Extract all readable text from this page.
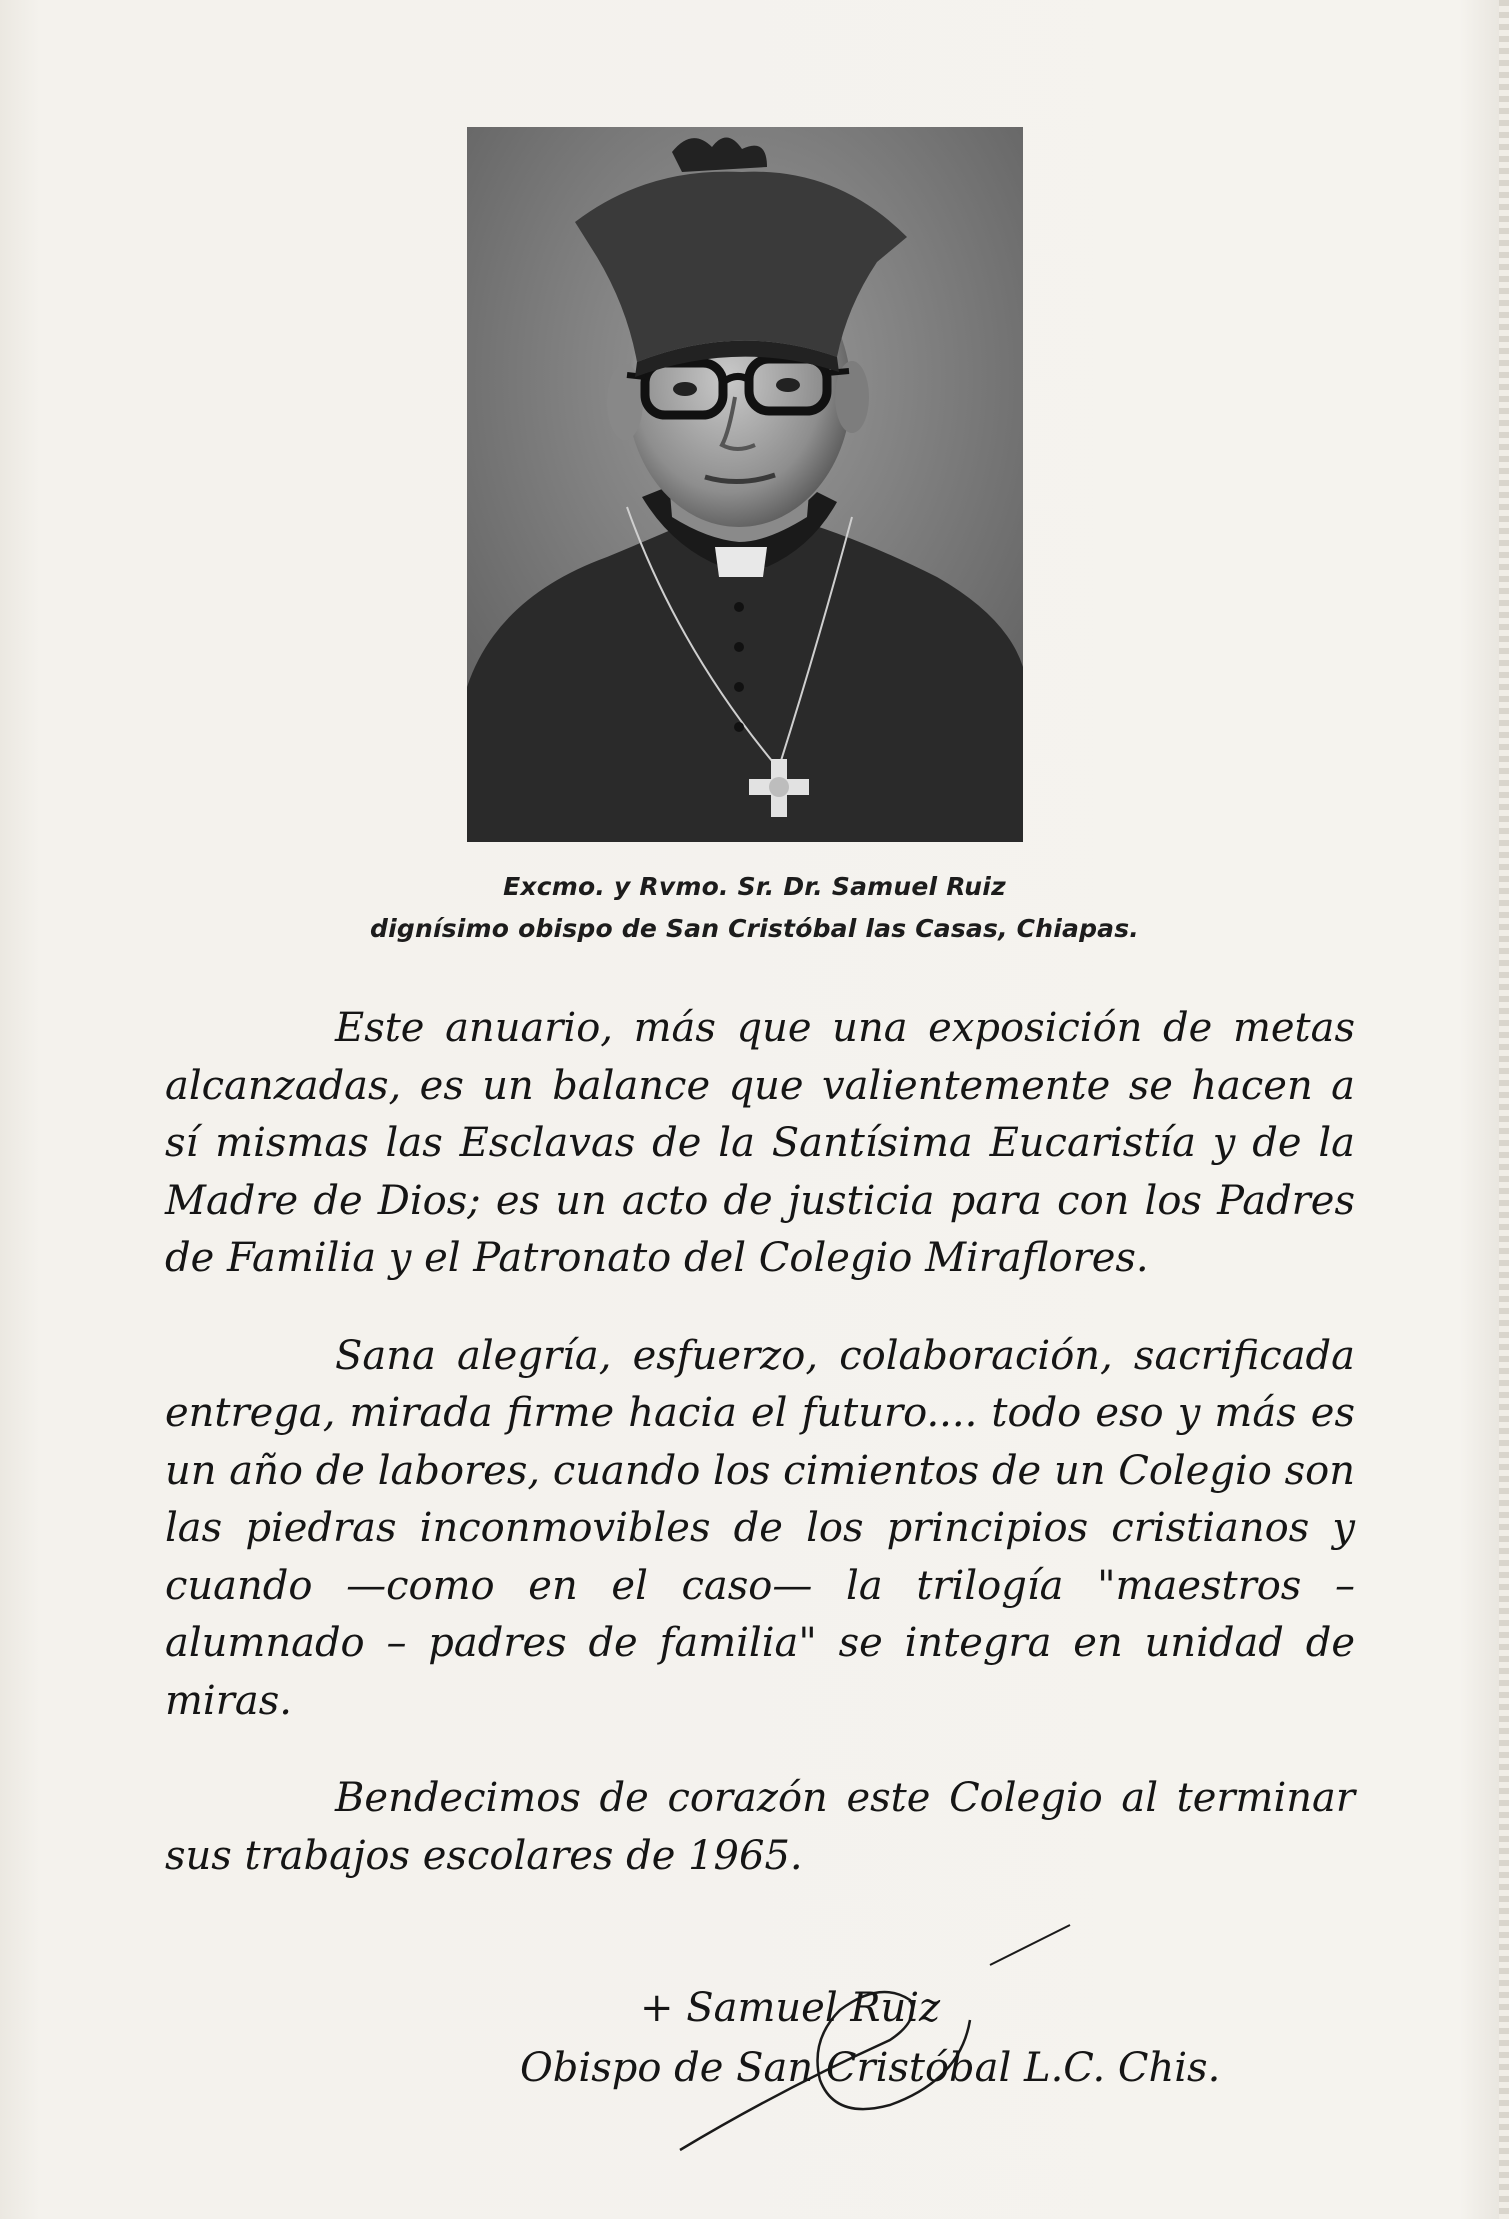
Excmo. y Rvmo. Sr. Dr. Samuel Ruiz
dignísimo obispo de San Cristóbal las Casas, Chiapas.

Este anuario, más que una exposición de metas alcanzadas, es un balance que valientemente se hacen a sí mismas las Esclavas de la Santísima Eucaristía y de la Madre de Dios; es un acto de justicia para con los Padres de Familia y el Patronato del Colegio Miraflores.

Sana alegría, esfuerzo, colaboración, sacrificada entrega, mirada firme hacia el futuro.... todo eso y más es un año de labores, cuando los cimientos de un Colegio son las piedras inconmovibles de los principios cristianos y cuando —como en el caso— la trilogía "maestros – alumnado – padres de familia" se integra en unidad de miras.

Bendecimos de corazón este Colegio al terminar sus trabajos escolares de 1965.

+ Samuel Ruiz
Obispo de San Cristóbal L.C. Chis.
